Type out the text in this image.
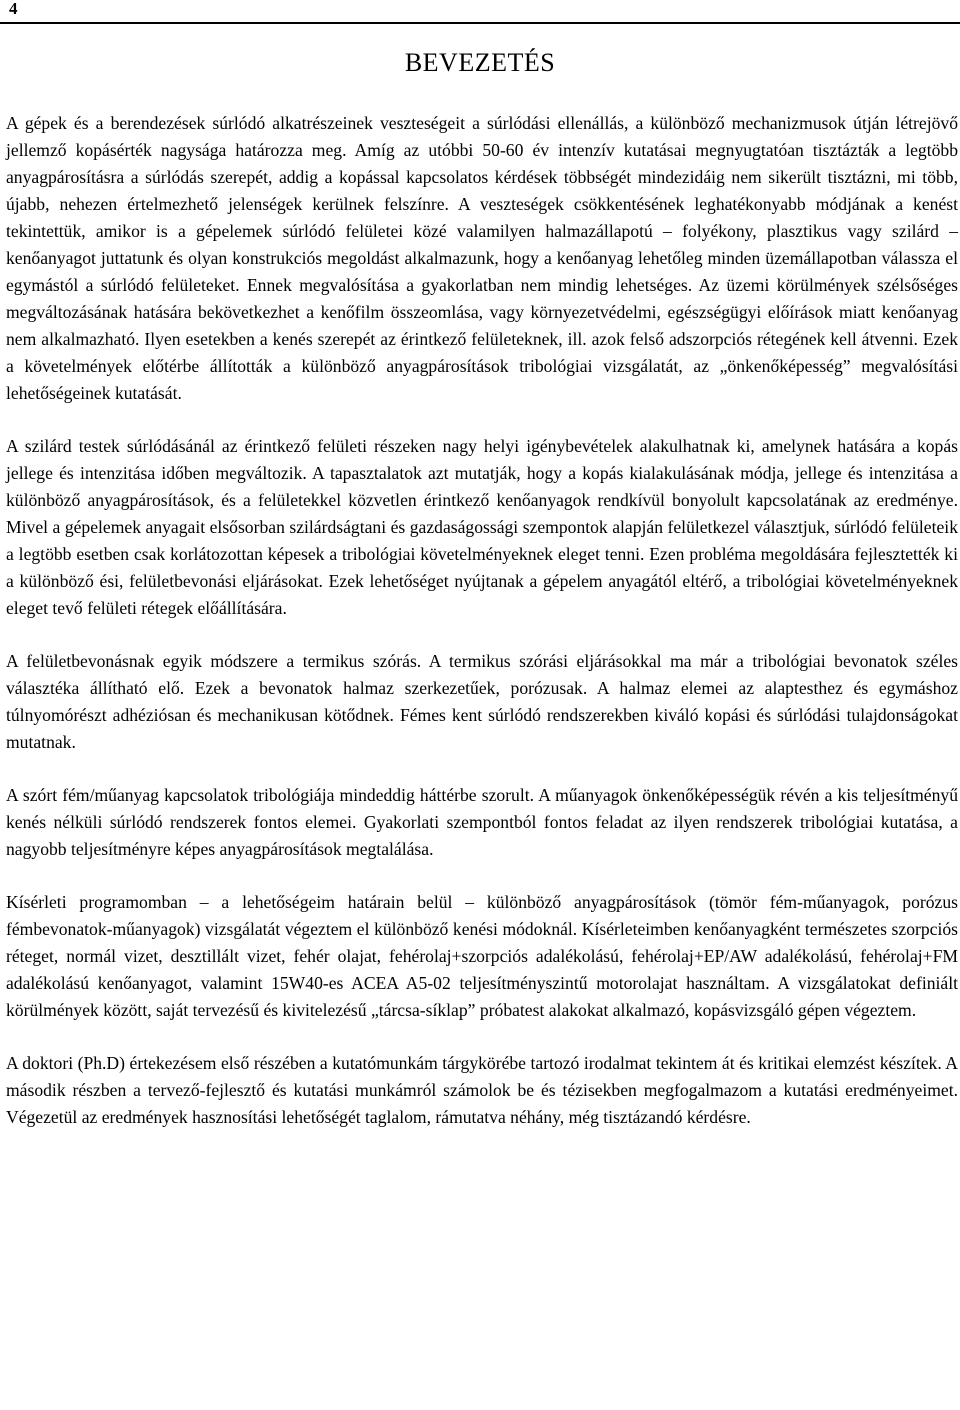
4
BEVEZETÉS

A gépek és a berendezések súrlódó alkatrészeinek veszteségeit a súrlódási ellenállás, a különböző mechanizmusok útján létrejövő jellemző kopásérték nagysága határozza meg. Amíg az utóbbi 50-60 év intenzív kutatásai megnyugtatóan tisztázták a legtöbb anyagpárosításra a súrlódás szerepét, addig a kopással kapcsolatos kérdések többségét mindezidáig nem sikerült tisztázni, mi több, újabb, nehezen értelmezhető jelenségek kerülnek felszínre. A veszteségek csökkentésének leghatékonyabb módjának a kenést tekintettük, amikor is a gépelemek súrlódó felületei közé valamilyen halmazállapotú – folyékony, plasztikus vagy szilárd – kenőanyagot juttatunk és olyan konstrukciós megoldást alkalmazunk, hogy a kenőanyag lehetőleg minden üzemállapotban válassza el egymástól a súrlódó felületeket. Ennek megvalósítása a gyakorlatban nem mindig lehetséges. Az üzemi körülmények szélsőséges megváltozásának hatására bekövetkezhet a kenőfilm összeomlása, vagy környezetvédelmi, egészségügyi előírások miatt kenőanyag nem alkalmazható. Ilyen esetekben a kenés szerepét az érintkező felületeknek, ill. azok felső adszorpciós rétegének kell átvenni. Ezek a követelmények előtérbe állították a különböző anyagpárosítások tribológiai vizsgálatát, az „önkenőképesség” megvalósítási lehetőségeinek kutatását.

A szilárd testek súrlódásánál az érintkező felületi részeken nagy helyi igénybevételek alakulhatnak ki, amelynek hatására a kopás jellege és intenzitása időben megváltozik. A tapasztalatok azt mutatják, hogy a kopás kialakulásának módja, jellege és intenzitása a különböző anyagpárosítások, és a felületekkel közvetlen érintkező kenőanyagok rendkívül bonyolult kapcsolatának az eredménye. Mivel a gépelemek anyagait elsősorban szilárdságtani és gazdaságossági szempontok alapján felületkezel választjuk, súrlódó felületeik a legtöbb esetben csak korlátozottan képesek a tribológiai követelményeknek eleget tenni. Ezen probléma megoldására fejlesztették ki a különböző ési, felületbevonási eljárásokat. Ezek lehetőséget nyújtanak a gépelem anyagától eltérő, a tribológiai követelményeknek eleget tevő felületi rétegek előállítására.

A felületbevonásnak egyik módszere a termikus szórás. A termikus szórási eljárásokkal ma már a tribológiai bevonatok széles választéka állítható elő. Ezek a bevonatok halmaz szerkezetűek, porózusak. A halmaz elemei az alaptesthez és egymáshoz túlnyomórészt adhéziósan és mechanikusan kötődnek. Fémes kent súrlódó rendszerekben kiváló kopási és súrlódási tulajdonságokat mutatnak.

A szórt fém/műanyag kapcsolatok tribológiája mindeddig háttérbe szorult. A műanyagok önkenőképességük révén a kis teljesítményű kenés nélküli súrlódó rendszerek fontos elemei. Gyakorlati szempontból fontos feladat az ilyen rendszerek tribológiai kutatása, a nagyobb teljesítményre képes anyagpárosítások megtalálása.

Kísérleti programomban – a lehetőségeim határain belül – különböző anyagpárosítások (tömör fém-műanyagok, porózus fémbevonatok-műanyagok) vizsgálatát végeztem el különböző kenési módoknál. Kísérleteimben kenőanyagként természetes szorpciós réteget, normál vizet, desztillált vizet, fehér olajat, fehérolaj+szorpciós adalékolású, fehérolaj+EP/AW adalékolású, fehérolaj+FM adalékolású kenőanyagot, valamint 15W40-es ACEA A5-02 teljesítményszintű motorolajat használtam. A vizsgálatokat definiált körülmények között, saját tervezésű és kivitelezésű „tárcsa-síklap” próbatest alakokat alkalmazó, kopásvizsgáló gépen végeztem.

A doktori (Ph.D) értekezésem első részében a kutatómunkám tárgykörébe tartozó irodalmat tekintem át és kritikai elemzést készítek. A második részben a tervező-fejlesztő és kutatási munkámról számolok be és tézisekben megfogalmazom a kutatási eredményeimet. Végezetül az eredmények hasznosítási lehetőségét taglalom, rámutatva néhány, még tisztázandó kérdésre.
